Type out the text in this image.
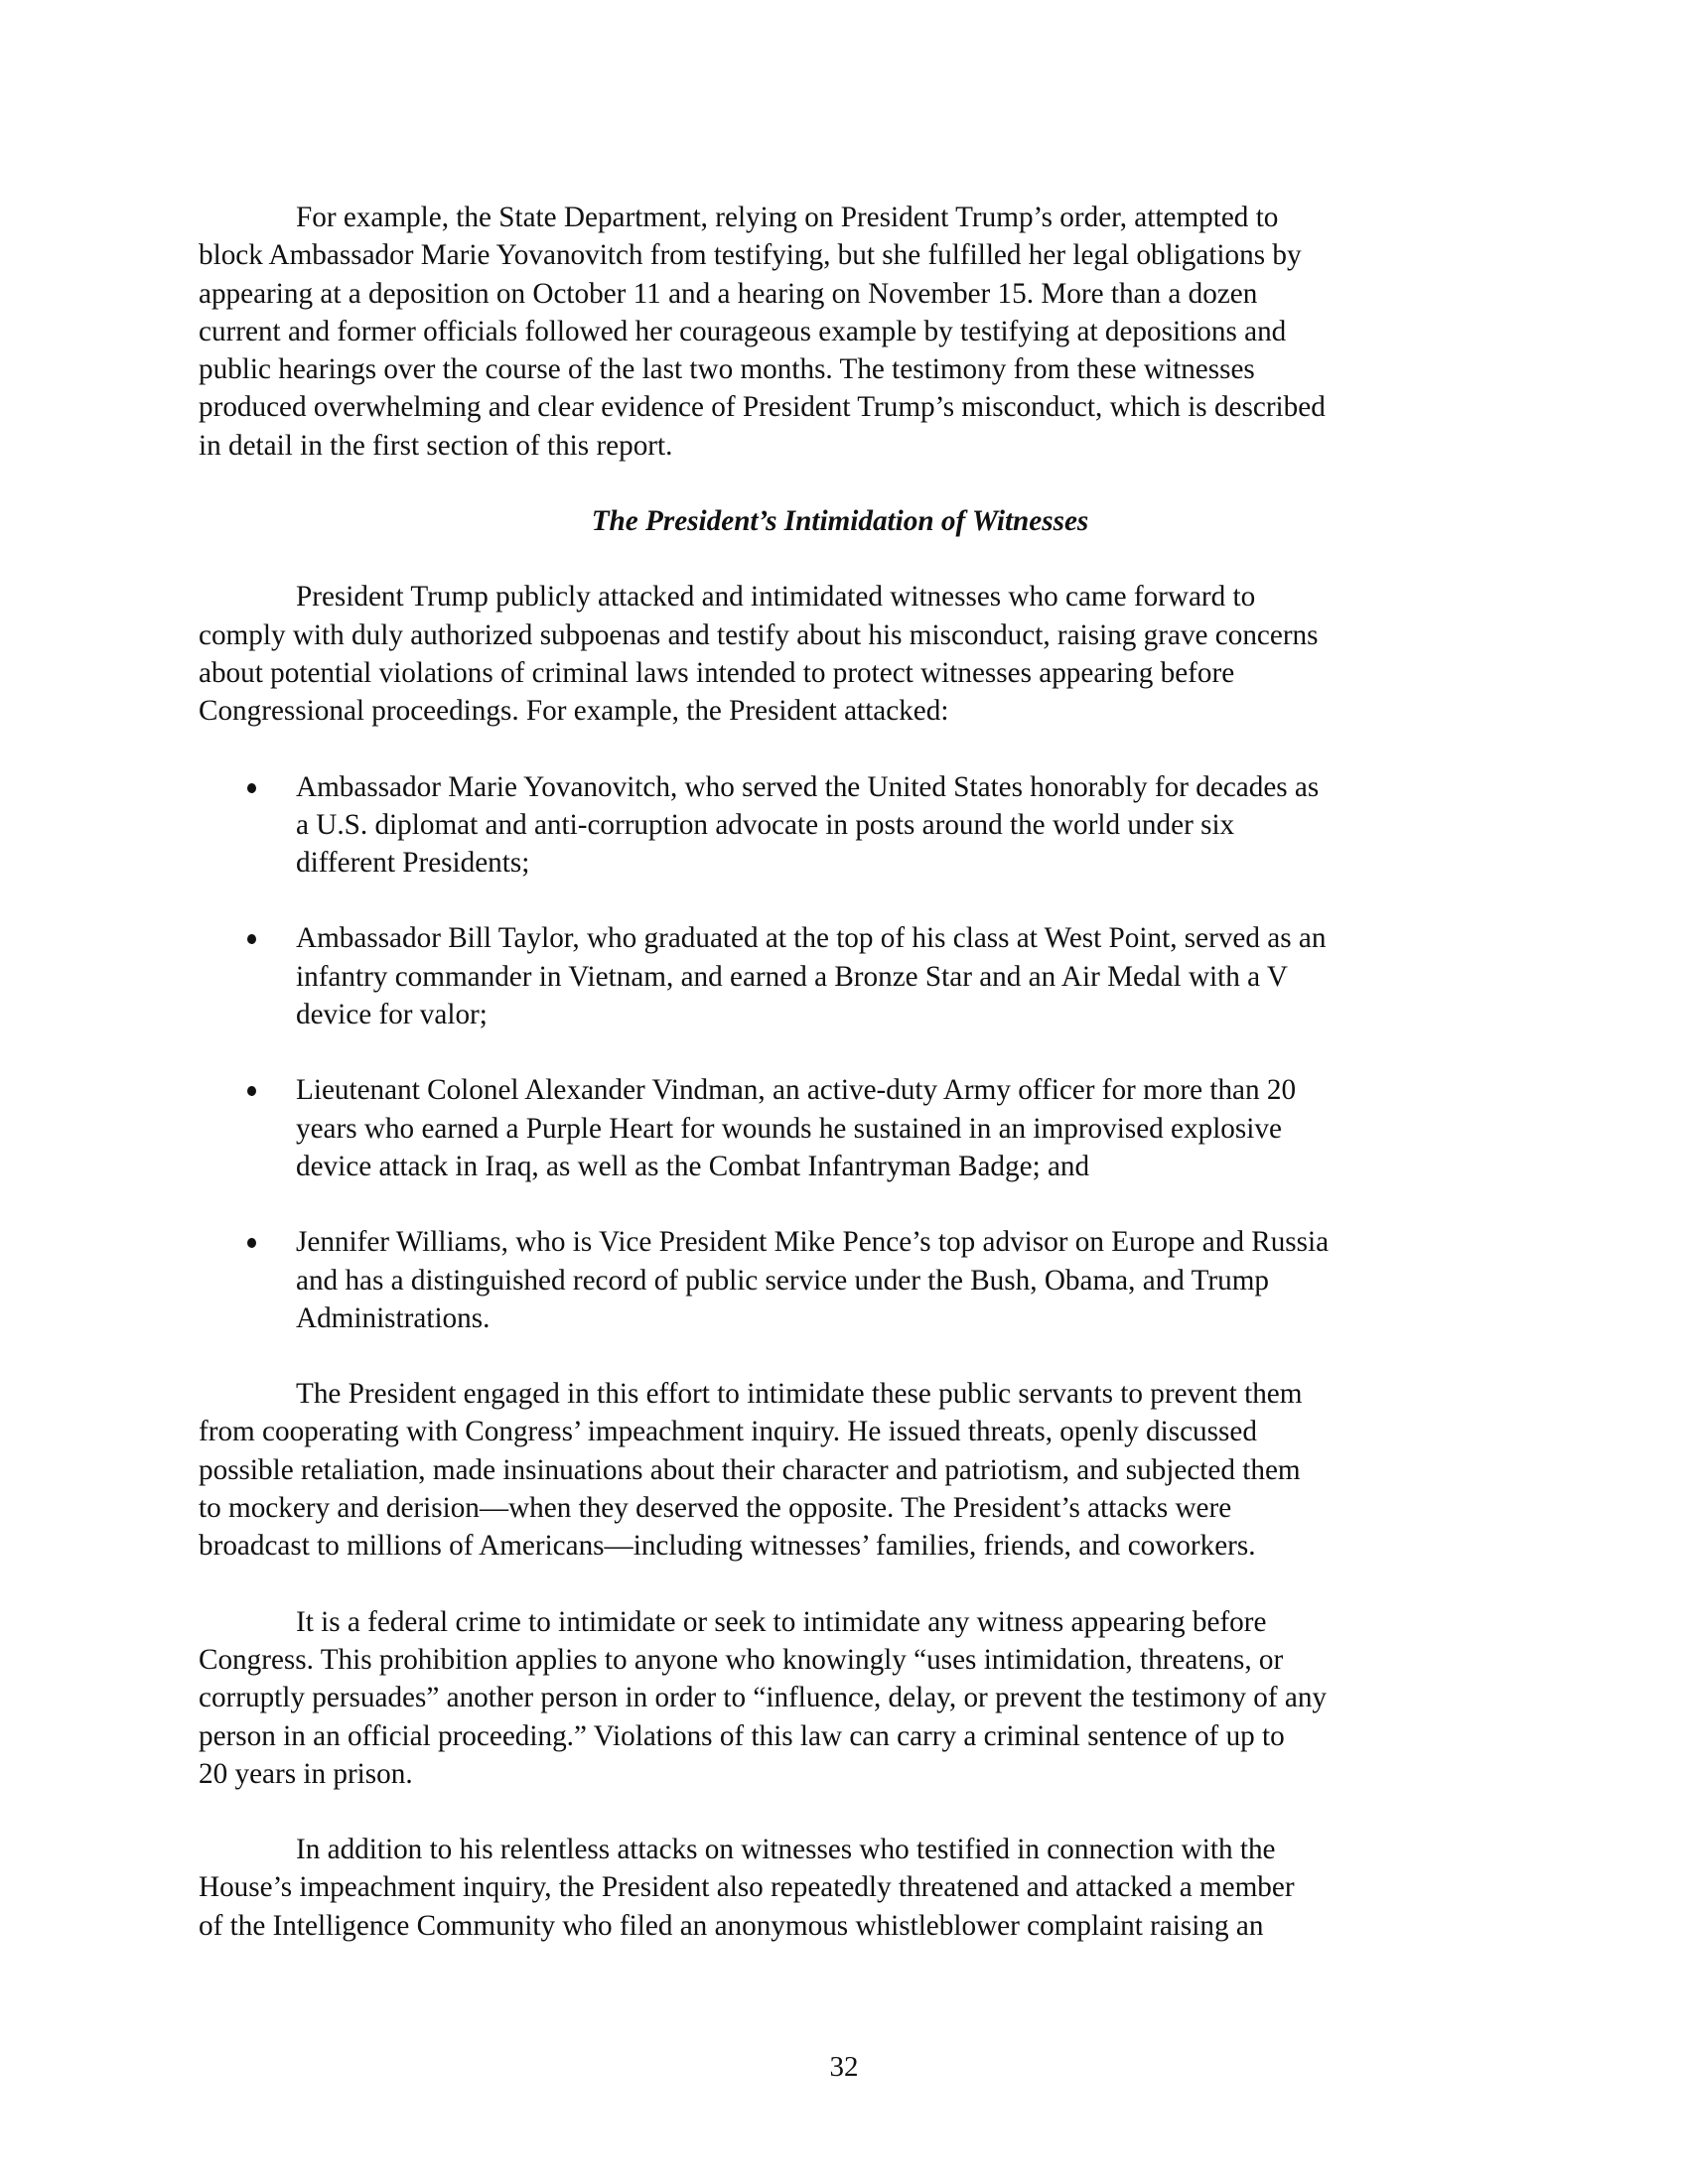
For example, the State Department, relying on President Trump’s order, attempted to
block Ambassador Marie Yovanovitch from testifying, but she fulfilled her legal obligations by
appearing at a deposition on October 11 and a hearing on November 15. More than a dozen
current and former officials followed her courageous example by testifying at depositions and
public hearings over the course of the last two months. The testimony from these witnesses
produced overwhelming and clear evidence of President Trump’s misconduct, which is described
in detail in the first section of this report.
The President’s Intimidation of Witnesses
President Trump publicly attacked and intimidated witnesses who came forward to
comply with duly authorized subpoenas and testify about his misconduct, raising grave concerns
about potential violations of criminal laws intended to protect witnesses appearing before
Congressional proceedings. For example, the President attacked:
Ambassador Marie Yovanovitch, who served the United States honorably for decades as
a U.S. diplomat and anti-corruption advocate in posts around the world under six
different Presidents;
Ambassador Bill Taylor, who graduated at the top of his class at West Point, served as an
infantry commander in Vietnam, and earned a Bronze Star and an Air Medal with a V
device for valor;
Lieutenant Colonel Alexander Vindman, an active-duty Army officer for more than 20
years who earned a Purple Heart for wounds he sustained in an improvised explosive
device attack in Iraq, as well as the Combat Infantryman Badge; and
Jennifer Williams, who is Vice President Mike Pence’s top advisor on Europe and Russia
and has a distinguished record of public service under the Bush, Obama, and Trump
Administrations.
The President engaged in this effort to intimidate these public servants to prevent them
from cooperating with Congress’ impeachment inquiry. He issued threats, openly discussed
possible retaliation, made insinuations about their character and patriotism, and subjected them
to mockery and derision—when they deserved the opposite. The President’s attacks were
broadcast to millions of Americans—including witnesses’ families, friends, and coworkers.
It is a federal crime to intimidate or seek to intimidate any witness appearing before
Congress. This prohibition applies to anyone who knowingly “uses intimidation, threatens, or
corruptly persuades” another person in order to “influence, delay, or prevent the testimony of any
person in an official proceeding.” Violations of this law can carry a criminal sentence of up to
20 years in prison.
In addition to his relentless attacks on witnesses who testified in connection with the
House’s impeachment inquiry, the President also repeatedly threatened and attacked a member
of the Intelligence Community who filed an anonymous whistleblower complaint raising an
32
